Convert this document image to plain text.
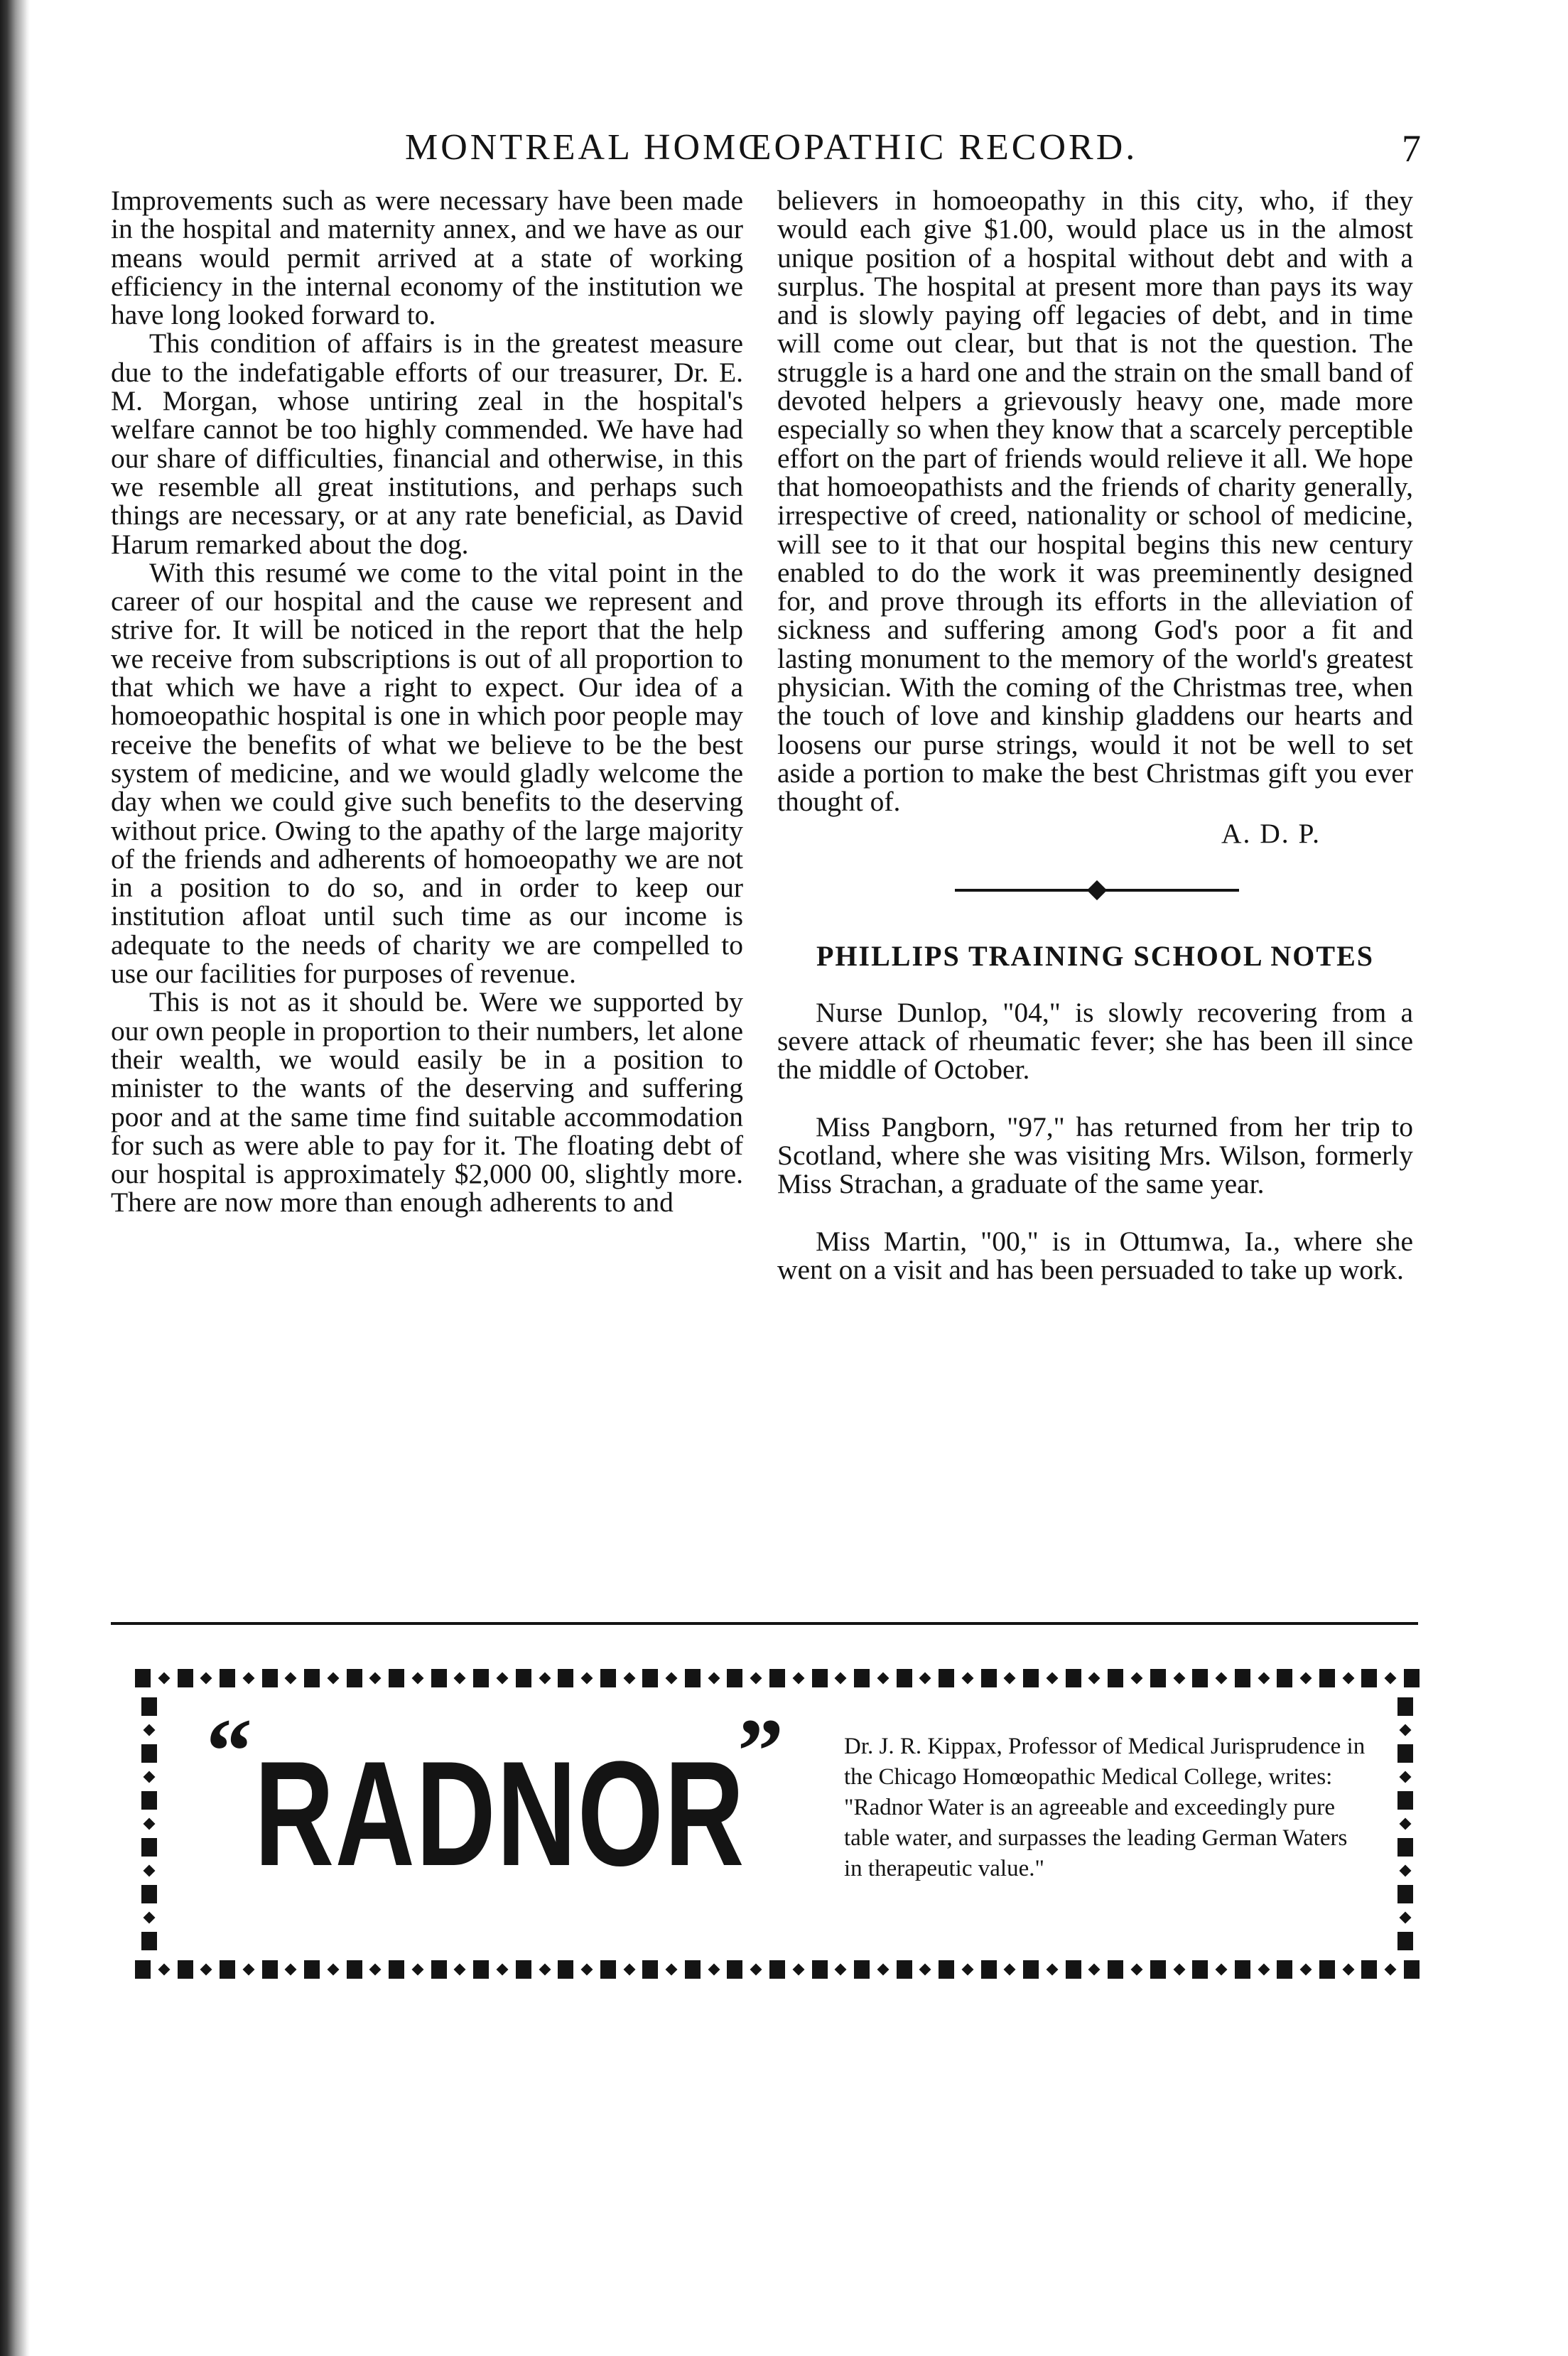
MONTREAL HOMŒOPATHIC RECORD.	7

Improvements such as were necessary have been made in the hospital and maternity annex, and we have as our means would permit arrived at a state of working efficiency in the internal economy of the institution we have long looked forward to.

This condition of affairs is in the greatest measure due to the indefatigable efforts of our treasurer, Dr. E. M. Morgan, whose untiring zeal in the hospital's welfare cannot be too highly commended. We have had our share of difficulties, financial and otherwise, in this we resemble all great institutions, and perhaps such things are necessary, or at any rate beneficial, as David Harum remarked about the dog.

With this resumé we come to the vital point in the career of our hospital and the cause we represent and strive for. It will be noticed in the report that the help we receive from subscriptions is out of all proportion to that which we have a right to expect. Our idea of a homoeopathic hospital is one in which poor people may receive the benefits of what we believe to be the best system of medicine, and we would gladly welcome the day when we could give such benefits to the deserving without price. Owing to the apathy of the large majority of the friends and adherents of homoeopathy we are not in a position to do so, and in order to keep our institution afloat until such time as our income is adequate to the needs of charity we are compelled to use our facilities for purposes of revenue.

This is not as it should be. Were we supported by our own people in proportion to their numbers, let alone their wealth, we would easily be in a position to minister to the wants of the deserving and suffering poor and at the same time find suitable accommodation for such as were able to pay for it. The floating debt of our hospital is approximately $2,000 00, slightly more. There are now more than enough adherents to and

believers in homoeopathy in this city, who, if they would each give $1.00, would place us in the almost unique position of a hospital without debt and with a surplus. The hospital at present more than pays its way and is slowly paying off legacies of debt, and in time will come out clear, but that is not the question. The struggle is a hard one and the strain on the small band of devoted helpers a grievously heavy one, made more especially so when they know that a scarcely perceptible effort on the part of friends would relieve it all. We hope that homoeopathists and the friends of charity generally, irrespective of creed, nationality or school of medicine, will see to it that our hospital begins this new century enabled to do the work it was preeminently designed for, and prove through its efforts in the alleviation of sickness and suffering among God's poor a fit and lasting monument to the memory of the world's greatest physician. With the coming of the Christmas tree, when the touch of love and kinship gladdens our hearts and loosens our purse strings, would it not be well to set aside a portion to make the best Christmas gift you ever thought of.

A. D. P.

PHILLIPS TRAINING SCHOOL NOTES

Nurse Dunlop, "04," is slowly recovering from a severe attack of rheumatic fever; she has been ill since the middle of October.

Miss Pangborn, "97," has returned from her trip to Scotland, where she was visiting Mrs. Wilson, formerly Miss Strachan, a graduate of the same year.

Miss Martin, "00," is in Ottumwa, Ia., where she went on a visit and has been persuaded to take up work.

“ RADNOR
”	Dr. J. R. Kippax, Professor of Medical Jurisprudence in the Chicago Homœopathic Medical College, writes: "Radnor Water is an agreeable and exceedingly pure table water, and surpasses the leading German Waters in therapeutic value."
